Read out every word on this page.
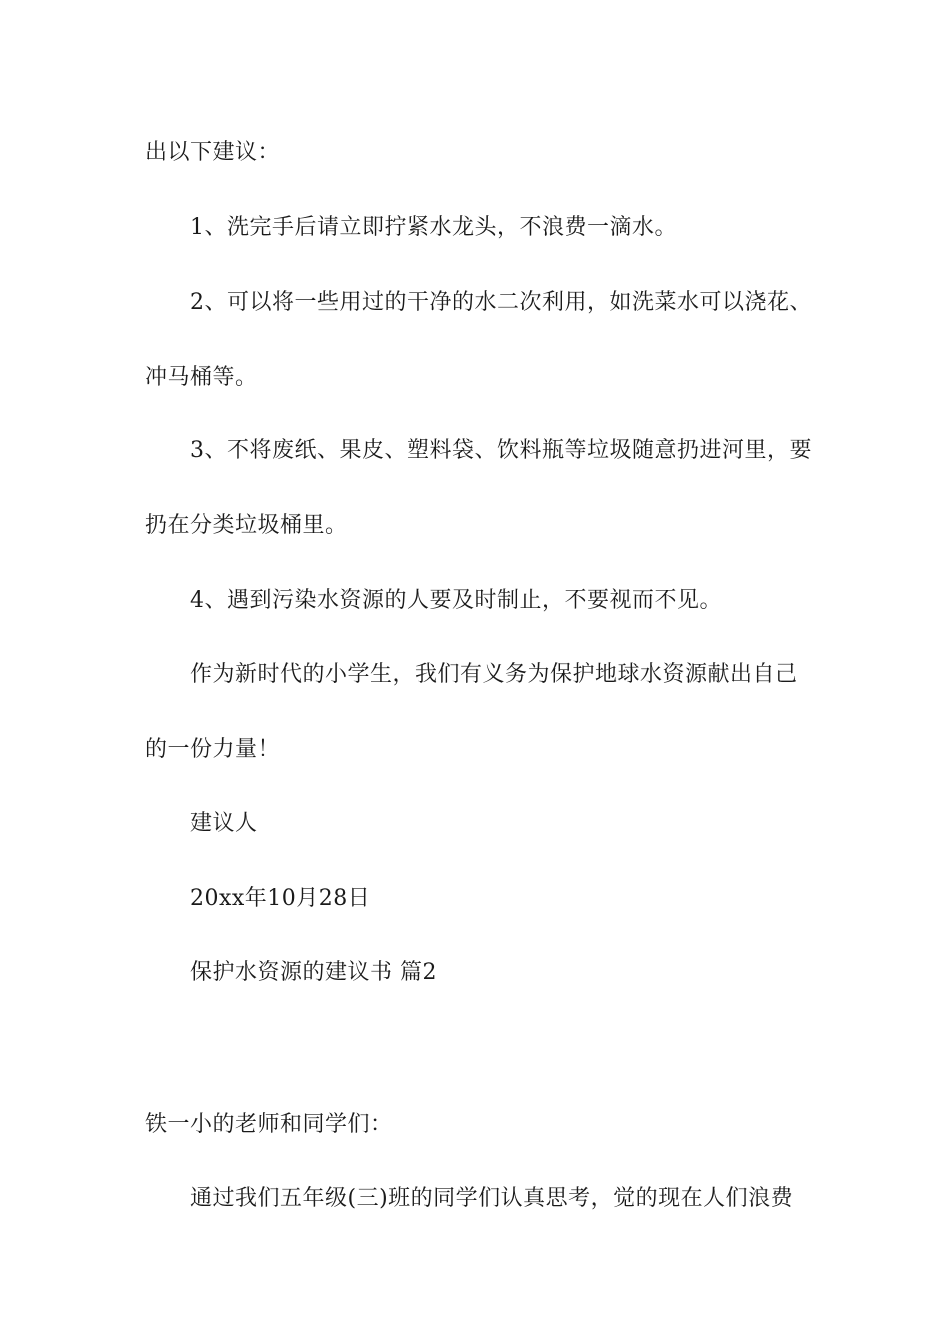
出以下建议：
1、洗完手后请立即拧紧水龙头，不浪费一滴水。
2、可以将一些用过的干净的水二次利用，如洗菜水可以浇花、
冲马桶等。
3、不将废纸、果皮、塑料袋、饮料瓶等垃圾随意扔进河里，要
扔在分类垃圾桶里。
4、遇到污染水资源的人要及时制止，不要视而不见。
作为新时代的小学生，我们有义务为保护地球水资源献出自己
的一份力量！
建议人
20xx年10月28日
保护水资源的建议书 篇2
铁一小的老师和同学们：
通过我们五年级(三)班的同学们认真思考，觉的现在人们浪费
